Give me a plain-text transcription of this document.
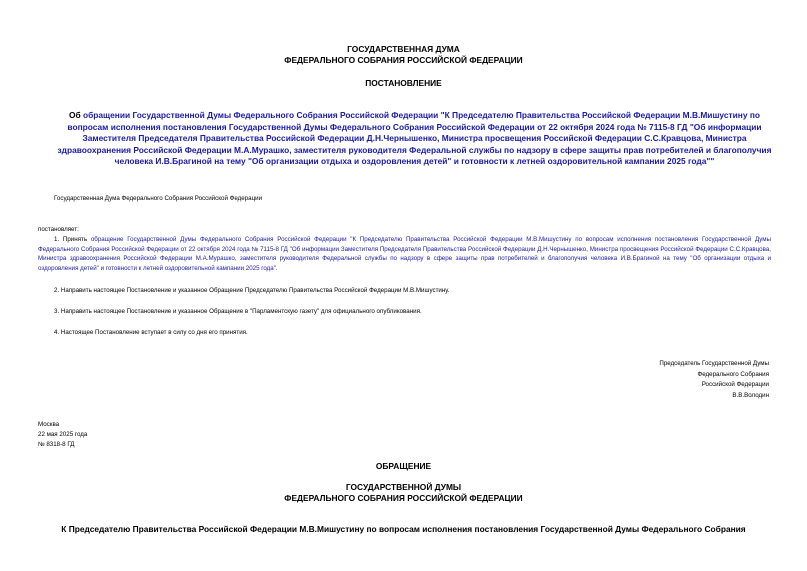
ГОСУДАРСТВЕННАЯ ДУМА
ФЕДЕРАЛЬНОГО СОБРАНИЯ РОССИЙСКОЙ ФЕДЕРАЦИИ
ПОСТАНОВЛЕНИЕ
Об обращении Государственной Думы Федерального Собрания Российской Федерации "К Председателю Правительства Российской Федерации М.В.Мишустину по вопросам исполнения постановления Государственной Думы Федерального Собрания Российской Федерации от 22 октября 2024 года № 7115-8 ГД "Об информации Заместителя Председателя Правительства Российской Федерации Д.Н.Чернышенко, Министра просвещения Российской Федерации С.С.Кравцова, Министра здравоохранения Российской Федерации М.А.Мурашко, заместителя руководителя Федеральной службы по надзору в сфере защиты прав потребителей и благополучия человека И.В.Брагиной на тему "Об организации отдыха и оздоровления детей" и готовности к летней оздоровительной кампании 2025 года""
Государственная Дума Федерального Собрания Российской Федерации
постановляет:
1. Принять обращение Государственной Думы Федерального Собрания Российской Федерации "К Председателю Правительства Российской Федерации М.В.Мишустину по вопросам исполнения постановления Государственной Думы Федерального Собрания Российской Федерации от 22 октября 2024 года № 7115-8 ГД "Об информации Заместителя Председателя Правительства Российской Федерации Д.Н.Чернышенко, Министра просвещения Российской Федерации С.С.Кравцова, Министра здравоохранения Российской Федерации М.А.Мурашко, заместителя руководителя Федеральной службы по надзору в сфере защиты прав потребителей и благополучия человека И.В.Брагиной на тему "Об организации отдыха и оздоровления детей" и готовности к летней оздоровительной кампании 2025 года".
2. Направить настоящее Постановление и указанное Обращение Председателю Правительства Российской Федерации М.В.Мишустину.
3. Направить настоящее Постановление и указанное Обращение в "Парламентскую газету" для официального опубликования.
4. Настоящее Постановление вступает в силу со дня его принятия.
Председатель Государственной Думы
Федерального Собрания
Российской Федерации
В.В.Володин
Москва
22 мая 2025 года
№ 8318-8 ГД
ОБРАЩЕНИЕ
ГОСУДАРСТВЕННОЙ ДУМЫ
ФЕДЕРАЛЬНОГО СОБРАНИЯ РОССИЙСКОЙ ФЕДЕРАЦИИ
К Председателю Правительства Российской Федерации М.В.Мишустину по вопросам исполнения постановления Государственной Думы Федерального Собрания
